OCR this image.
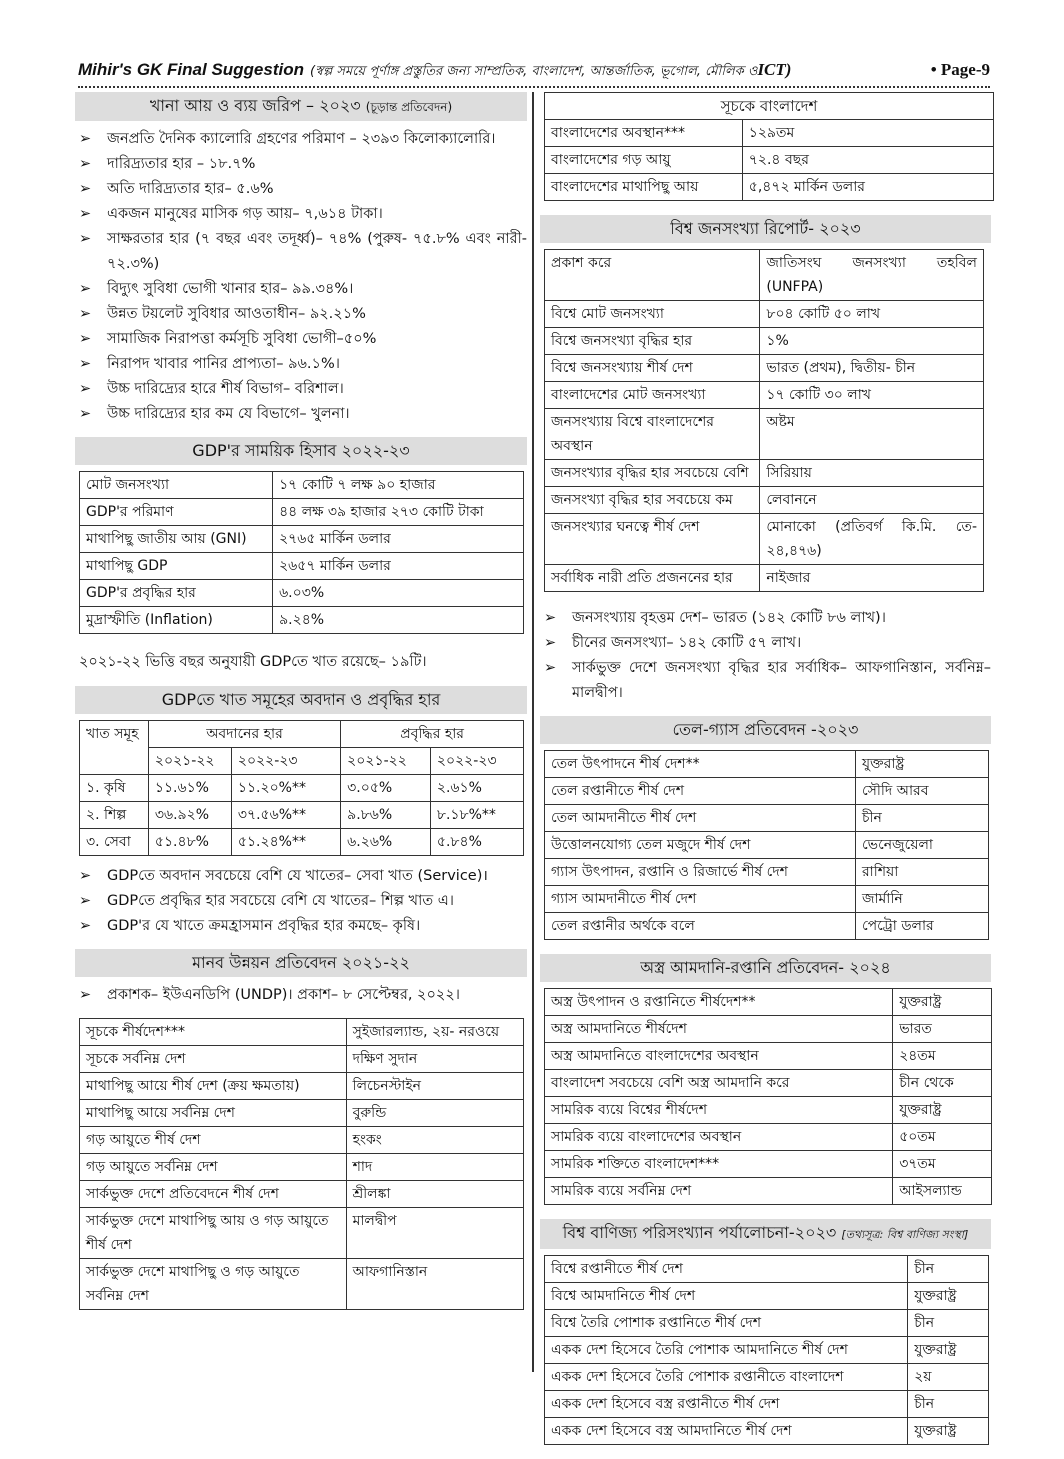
Mihir's GK Final Suggestion (স্বল্প সময়ে পূর্ণাঙ্গ প্রস্তুতির জন্য সাম্প্রতিক, বাংলাদেশ, আন্তর্জাতিক, ভূগোল, মৌলিক ও ICT)	• Page-9
খানা আয় ও ব্যয় জরিপ – ২০২৩ (চূড়ান্ত প্রতিবেদন)
➢ জনপ্রতি দৈনিক ক্যালোরি গ্রহণের পরিমাণ – ২৩৯৩ কিলোক্যালোরি।
➢ দারিদ্র্যতার হার – ১৮.৭%
➢ অতি দারিদ্র্যতার হার– ৫.৬%
➢ একজন মানুষের মাসিক গড় আয়– ৭,৬১৪ টাকা।
➢ সাক্ষরতার হার (৭ বছর এবং তদূর্ধ্ব)– ৭৪% (পুরুষ- ৭৫.৮% এবং নারী- ৭২.৩%)
➢ বিদ্যুৎ সুবিধা ভোগী খানার হার– ৯৯.৩৪%।
➢ উন্নত টয়লেট সুবিধার আওতাধীন– ৯২.২১%
➢ সামাজিক নিরাপত্তা কর্মসূচি সুবিধা ভোগী–৫০%
➢ নিরাপদ খাবার পানির প্রাপ্যতা– ৯৬.১%।
➢ উচ্চ দারিদ্র্যের হারে শীর্ষ বিভাগ– বরিশাল।
➢ উচ্চ দারিদ্র্যের হার কম যে বিভাগে– খুলনা।
GDP'র সাময়িক হিসাব ২০২২-২৩
মোট জনসংখ্যা	১৭ কোটি ৭ লক্ষ ৯০ হাজার
GDP'র পরিমাণ	৪৪ লক্ষ ৩৯ হাজার ২৭৩ কোটি টাকা
মাথাপিছু জাতীয় আয় (GNI)	২৭৬৫ মার্কিন ডলার
মাথাপিছু GDP	২৬৫৭ মার্কিন ডলার
GDP'র প্রবৃদ্ধির হার	৬.০৩%
মুদ্রাস্ফীতি (Inflation)	৯.২৪%
২০২১-২২ ভিত্তি বছর অনুযায়ী GDPতে খাত রয়েছে– ১৯টি।
GDPতে খাত সমূহের অবদান ও প্রবৃদ্ধির হার
খাত সমূহ	অবদানের হার		প্রবৃদ্ধির হার	
	২০২১-২২	২০২২-২৩	২০২১-২২	২০২২-২৩
১. কৃষি	১১.৬১%	১১.২০%**	৩.০৫%	২.৬১%
২. শিল্প	৩৬.৯২%	৩৭.৫৬%**	৯.৮৬%	৮.১৮%**
৩. সেবা	৫১.৪৮%	৫১.২৪%**	৬.২৬%	৫.৮৪%
➢ GDPতে অবদান সবচেয়ে বেশি যে খাতের– সেবা খাত (Service)।
➢ GDPতে প্রবৃদ্ধির হার সবচেয়ে বেশি যে খাতের– শিল্প খাত এ।
➢ GDP'র যে খাতে ক্রমহ্রাসমান প্রবৃদ্ধির হার কমছে– কৃষি।
মানব উন্নয়ন প্রতিবেদন ২০২১-২২
➢ প্রকাশক– ইউএনডিপি (UNDP)। প্রকাশ– ৮ সেপ্টেম্বর, ২০২২।
সূচকে শীর্ষদেশ***	সুইজারল্যান্ড, ২য়- নরওয়ে
সূচকে সর্বনিম্ন দেশ	দক্ষিণ সুদান
মাথাপিছু আয়ে শীর্ষ দেশ (ক্রয় ক্ষমতায়)	লিচেনস্টাইন
মাথাপিছু আয়ে সর্বনিম্ন দেশ	বুরুন্ডি
গড় আয়ুতে শীর্ষ দেশ	হংকং
গড় আয়ুতে সর্বনিম্ন দেশ	শাদ
সার্কভুক্ত দেশে প্রতিবেদনে শীর্ষ দেশ	শ্রীলঙ্কা
সার্কভুক্ত দেশে মাথাপিছু আয় ও গড় আয়ুতে শীর্ষ দেশ	মালদ্বীপ
সার্কভুক্ত দেশে মাথাপিছু ও গড় আয়ুতে সর্বনিম্ন দেশ	আফগানিস্তান
সূচকে বাংলাদেশ	
বাংলাদেশের অবস্থান***	১২৯তম
বাংলাদেশের গড় আয়ু	৭২.৪ বছর
বাংলাদেশের মাথাপিছু আয়	৫,৪৭২ মার্কিন ডলার
বিশ্ব জনসংখ্যা রিপোর্ট- ২০২৩
প্রকাশ করে	জাতিসংঘ জনসংখ্যা তহবিল (UNFPA)
বিশ্বে মোট জনসংখ্যা	৮০৪ কোটি ৫০ লাখ
বিশ্বে জনসংখ্যা বৃদ্ধির হার	১%
বিশ্বে জনসংখ্যায় শীর্ষ দেশ	ভারত (প্রথম), দ্বিতীয়- চীন
বাংলাদেশের মোট জনসংখ্যা	১৭ কোটি ৩০ লাখ
জনসংখ্যায় বিশ্বে বাংলাদেশের অবস্থান	অষ্টম
জনসংখ্যার বৃদ্ধির হার সবচেয়ে বেশি	সিরিয়ায়
জনসংখ্যা বৃদ্ধির হার সবচেয়ে কম	লেবাননে
জনসংখ্যার ঘনত্বে শীর্ষ দেশ	মোনাকো (প্রতিবর্গ কি.মি. তে- ২৪,৪৭৬)
সর্বাধিক নারী প্রতি প্রজননের হার	নাইজার
➢ জনসংখ্যায় বৃহত্তম দেশ– ভারত (১৪২ কোটি ৮৬ লাখ)।
➢ চীনের জনসংখ্যা– ১৪২ কোটি ৫৭ লাখ।
➢ সার্কভুক্ত দেশে জনসংখ্যা বৃদ্ধির হার সর্বাধিক– আফগানিস্তান, সর্বনিম্ন– মালদ্বীপ।
তেল-গ্যাস প্রতিবেদন -২০২৩
তেল উৎপাদনে শীর্ষ দেশ**	যুক্তরাষ্ট্র
তেল রপ্তানীতে শীর্ষ দেশ	সৌদি আরব
তেল আমদানীতে শীর্ষ দেশ	চীন
উত্তোলনযোগ্য তেল মজুদে শীর্ষ দেশ	ভেনেজুয়েলা
গ্যাস উৎপাদন, রপ্তানি ও রিজার্ভে শীর্ষ দেশ	রাশিয়া
গ্যাস আমদানীতে শীর্ষ দেশ	জার্মানি
তেল রপ্তানীর অর্থকে বলে	পেট্রো ডলার
অস্ত্র আমদানি-রপ্তানি প্রতিবেদন- ২০২৪
অস্ত্র উৎপাদন ও রপ্তানিতে শীর্ষদেশ**	যুক্তরাষ্ট্র
অস্ত্র আমদানিতে শীর্ষদেশ	ভারত
অস্ত্র আমদানিতে বাংলাদেশের অবস্থান	২৪তম
বাংলাদেশ সবচেয়ে বেশি অস্ত্র আমদানি করে	চীন থেকে
সামরিক ব্যয়ে বিশ্বের শীর্ষদেশ	যুক্তরাষ্ট্র
সামরিক ব্যয়ে বাংলাদেশের অবস্থান	৫০তম
সামরিক শক্তিতে বাংলাদেশ***	৩৭তম
সামরিক ব্যয়ে সর্বনিম্ন দেশ	আইসল্যান্ড
বিশ্ব বাণিজ্য পরিসংখ্যান পর্যালোচনা-২০২৩ [তথ্যসূত্র: বিশ্ব বাণিজ্য সংস্থা]
বিশ্বে রপ্তানীতে শীর্ষ দেশ	চীন
বিশ্বে আমদানিতে শীর্ষ দেশ	যুক্তরাষ্ট্র
বিশ্বে তৈরি পোশাক রপ্তানিতে শীর্ষ দেশ	চীন
একক দেশ হিসেবে তৈরি পোশাক আমদানিতে শীর্ষ দেশ	যুক্তরাষ্ট্র
একক দেশ হিসেবে তৈরি পোশাক রপ্তানীতে বাংলাদেশ	২য়
একক দেশ হিসেবে বস্ত্র রপ্তানীতে শীর্ষ দেশ	চীন
একক দেশ হিসেবে বস্ত্র আমদানিতে শীর্ষ দেশ	যুক্তরাষ্ট্র
